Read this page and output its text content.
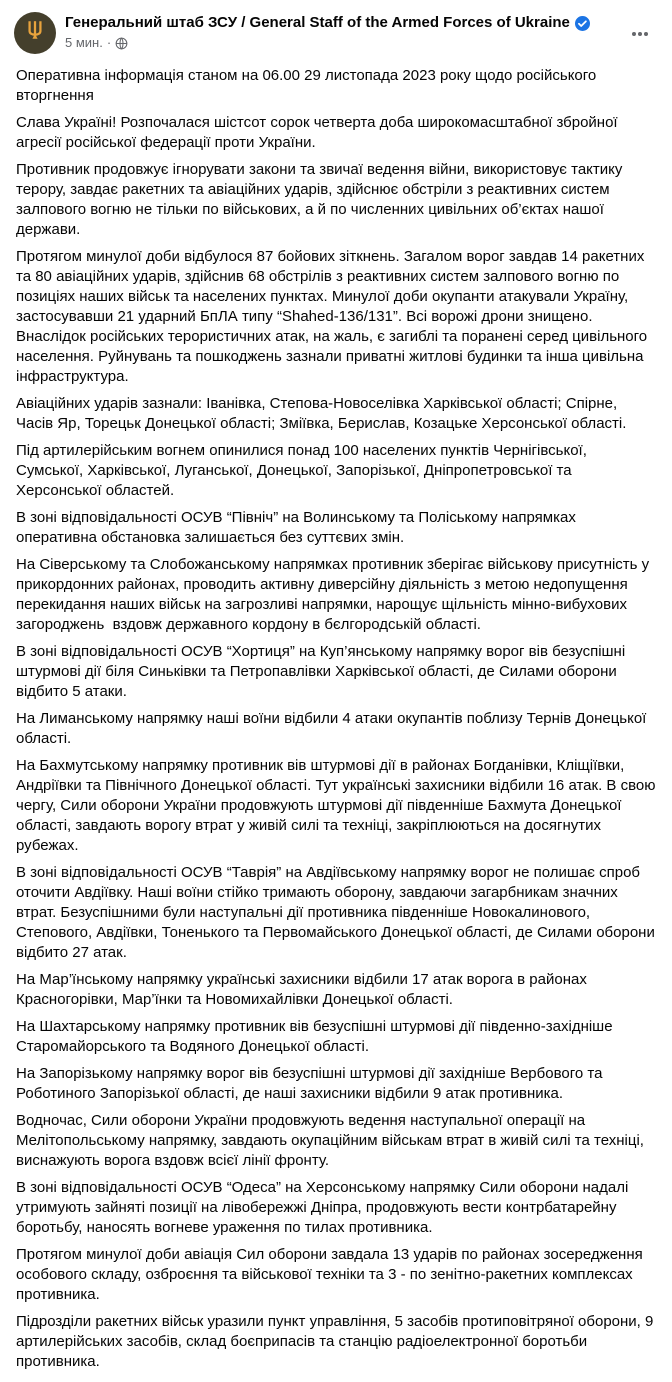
Генеральний штаб ЗСУ / General Staff of the Armed Forces of Ukraine
5 мин. ·

Оперативна інформація станом на 06.00 29 листопада 2023 року щодо російського вторгнення

Слава Україні! Розпочалася шістсот сорок четверта доба широкомасштабної збройної агресії російської федерації проти України.

Противник продовжує ігнорувати закони та звичаї ведення війни, використовує тактику терору, завдає ракетних та авіаційних ударів, здійснює обстріли з реактивних систем залпового вогню не тільки по військових, а й по численних цивільних об’єктах нашої держави.

Протягом минулої доби відбулося 87 бойових зіткнень. Загалом ворог завдав 14 ракетних та 80 авіаційних ударів, здійснив 68 обстрілів з реактивних систем залпового вогню по позиціях наших військ та населених пунктах. Минулої доби окупанти атакували Україну, застосувавши 21 ударний БпЛА типу “Shahed-136/131”. Всі ворожі дрони знищено. Внаслідок російських терористичних атак, на жаль, є загиблі та поранені серед цивільного населення. Руйнувань та пошкоджень зазнали приватні житлові будинки та інша цивільна інфраструктура.

Авіаційних ударів зазнали: Іванівка, Степова-Новоселівка Харківської області; Спірне, Часів Яр, Торецьк Донецької області; Зміївка, Берислав, Козацьке Херсонської області.

Під артилерійським вогнем опинилися понад 100 населених пунктів Чернігівської, Сумської, Харківської, Луганської, Донецької, Запорізької, Дніпропетровської та Херсонської областей.

В зоні відповідальності ОСУВ “Північ” на Волинському та Поліському напрямках оперативна обстановка залишається без суттєвих змін.

На Сіверському та Слобожанському напрямках противник зберігає військову присутність у прикордонних районах, проводить активну диверсійну діяльність з метою недопущення перекидання наших військ на загрозливі напрямки, нарощує щільність мінно-вибухових загороджень  вздовж державного кордону в бєлгородській області.

В зоні відповідальності ОСУВ “Хортиця” на Куп’янському напрямку ворог вів безуспішні штурмові дії біля Синьківки та Петропавлівки Харківської області, де Силами оборони відбито 5 атаки.

На Лиманському напрямку наші воїни відбили 4 атаки окупантів поблизу Тернів Донецької області.

На Бахмутському напрямку противник вів штурмові дії в районах Богданівки, Кліщіївки, Андріївки та Північного Донецької області. Тут українські захисники відбили 16 атак. В свою чергу, Сили оборони України продовжують штурмові дії південніше Бахмута Донецької області, завдають ворогу втрат у живій силі та техніці, закріплюються на досягнутих рубежах.

В зоні відповідальності ОСУВ “Таврія” на Авдіївському напрямку ворог не полишає спроб оточити Авдіївку. Наші воїни стійко тримають оборону, завдаючи загарбникам значних втрат. Безуспішними були наступальні дії противника південніше Новокалинового, Степового, Авдіївки, Тоненького та Первомайського Донецької області, де Силами оборони відбито 27 атак.

На Мар’їнському напрямку українські захисники відбили 17 атак ворога в районах Красногорівки, Мар’їнки та Новомихайлівки Донецької області.

На Шахтарському напрямку противник вів безуспішні штурмові дії південно-західніше Старомайорського та Водяного Донецької області.

На Запорізькому напрямку ворог вів безуспішні штурмові дії західніше Вербового та Роботиного Запорізької області, де наші захисники відбили 9 атак противника.

Водночас, Сили оборони України продовжують ведення наступальної операції на Мелітопольському напрямку, завдають окупаційним військам втрат в живій силі та техніці, виснажують ворога вздовж всієї лінії фронту.

В зоні відповідальності ОСУВ “Одеса” на Херсонському напрямку Сили оборони надалі утримують зайняті позиції на лівобережжі Дніпра, продовжують вести контрбатарейну боротьбу, наносять вогневе ураження по тилах противника.

Протягом минулої доби авіація Сил оборони завдала 13 ударів по районах зосередження особового складу, озброєння та військової техніки та 3 - по зенітно-ракетних комплексах противника.

Підрозділи ракетних військ уразили пункт управління, 5 засобів протиповітряної оборони, 9 артилерійських засобів, склад боєприпасів та станцію радіоелектронної боротьби противника.
